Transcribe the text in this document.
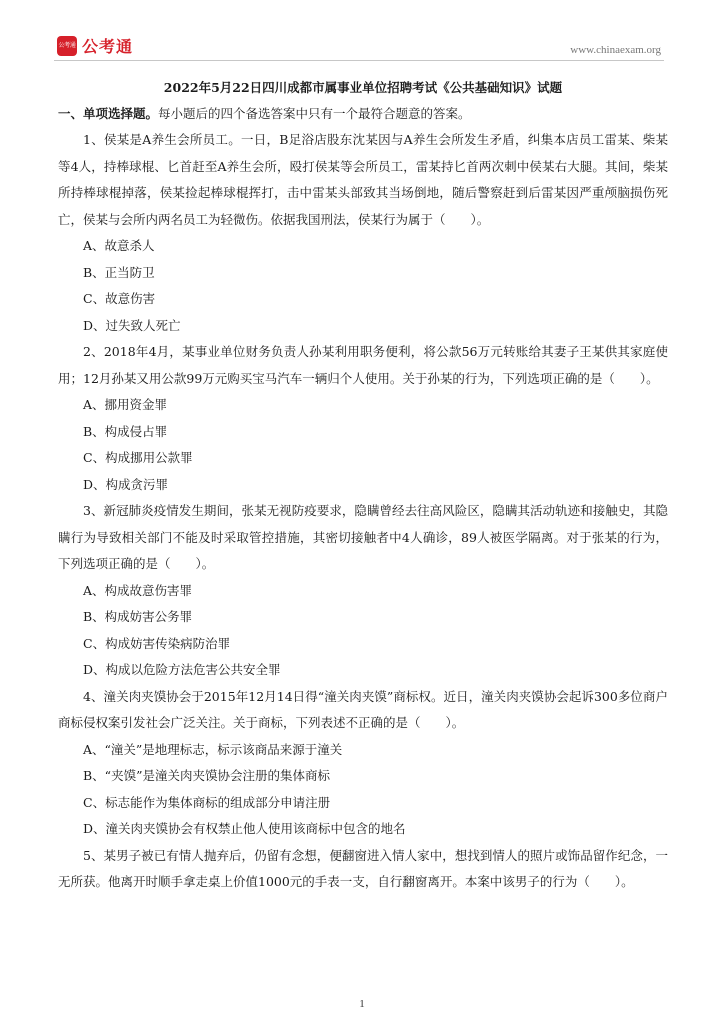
公考通 公考通	www.chinaexam.org

2022年5月22日四川成都市属事业单位招聘考试《公共基础知识》试题

一、单项选择题。每小题后的四个备选答案中只有一个最符合题意的答案。

1、侯某是A养生会所员工。一日，B足浴店股东沈某因与A养生会所发生矛盾，纠集本店员工雷某、柴某等4人，持棒球棍、匕首赶至A养生会所，殴打侯某等会所员工，雷某持匕首两次刺中侯某右大腿。其间，柴某所持棒球棍掉落，侯某捡起棒球棍挥打，击中雷某头部致其当场倒地，随后警察赶到后雷某因严重颅脑损伤死亡，侯某与会所内两名员工为轻微伤。依据我国刑法，侯某行为属于（　　）。

A、故意杀人

B、正当防卫

C、故意伤害

D、过失致人死亡

2、2018年4月，某事业单位财务负责人孙某利用职务便利，将公款56万元转账给其妻子王某供其家庭使用；12月孙某又用公款99万元购买宝马汽车一辆归个人使用。关于孙某的行为，下列选项正确的是（　　）。

A、挪用资金罪

B、构成侵占罪

C、构成挪用公款罪

D、构成贪污罪

3、新冠肺炎疫情发生期间，张某无视防疫要求，隐瞒曾经去往高风险区，隐瞒其活动轨迹和接触史，其隐瞒行为导致相关部门不能及时采取管控措施，其密切接触者中4人确诊，89人被医学隔离。对于张某的行为，下列选项正确的是（　　）。

A、构成故意伤害罪

B、构成妨害公务罪

C、构成妨害传染病防治罪

D、构成以危险方法危害公共安全罪

4、潼关肉夹馍协会于2015年12月14日得“潼关肉夹馍”商标权。近日，潼关肉夹馍协会起诉300多位商户商标侵权案引发社会广泛关注。关于商标，下列表述不正确的是（　　）。

A、“潼关”是地理标志，标示该商品来源于潼关

B、“夹馍”是潼关肉夹馍协会注册的集体商标

C、标志能作为集体商标的组成部分申请注册

D、潼关肉夹馍协会有权禁止他人使用该商标中包含的地名

5、某男子被已有情人抛弃后，仍留有念想，便翻窗进入情人家中，想找到情人的照片或饰品留作纪念，一无所获。他离开时顺手拿走桌上价值1000元的手表一支，自行翻窗离开。本案中该男子的行为（　　）。

1
